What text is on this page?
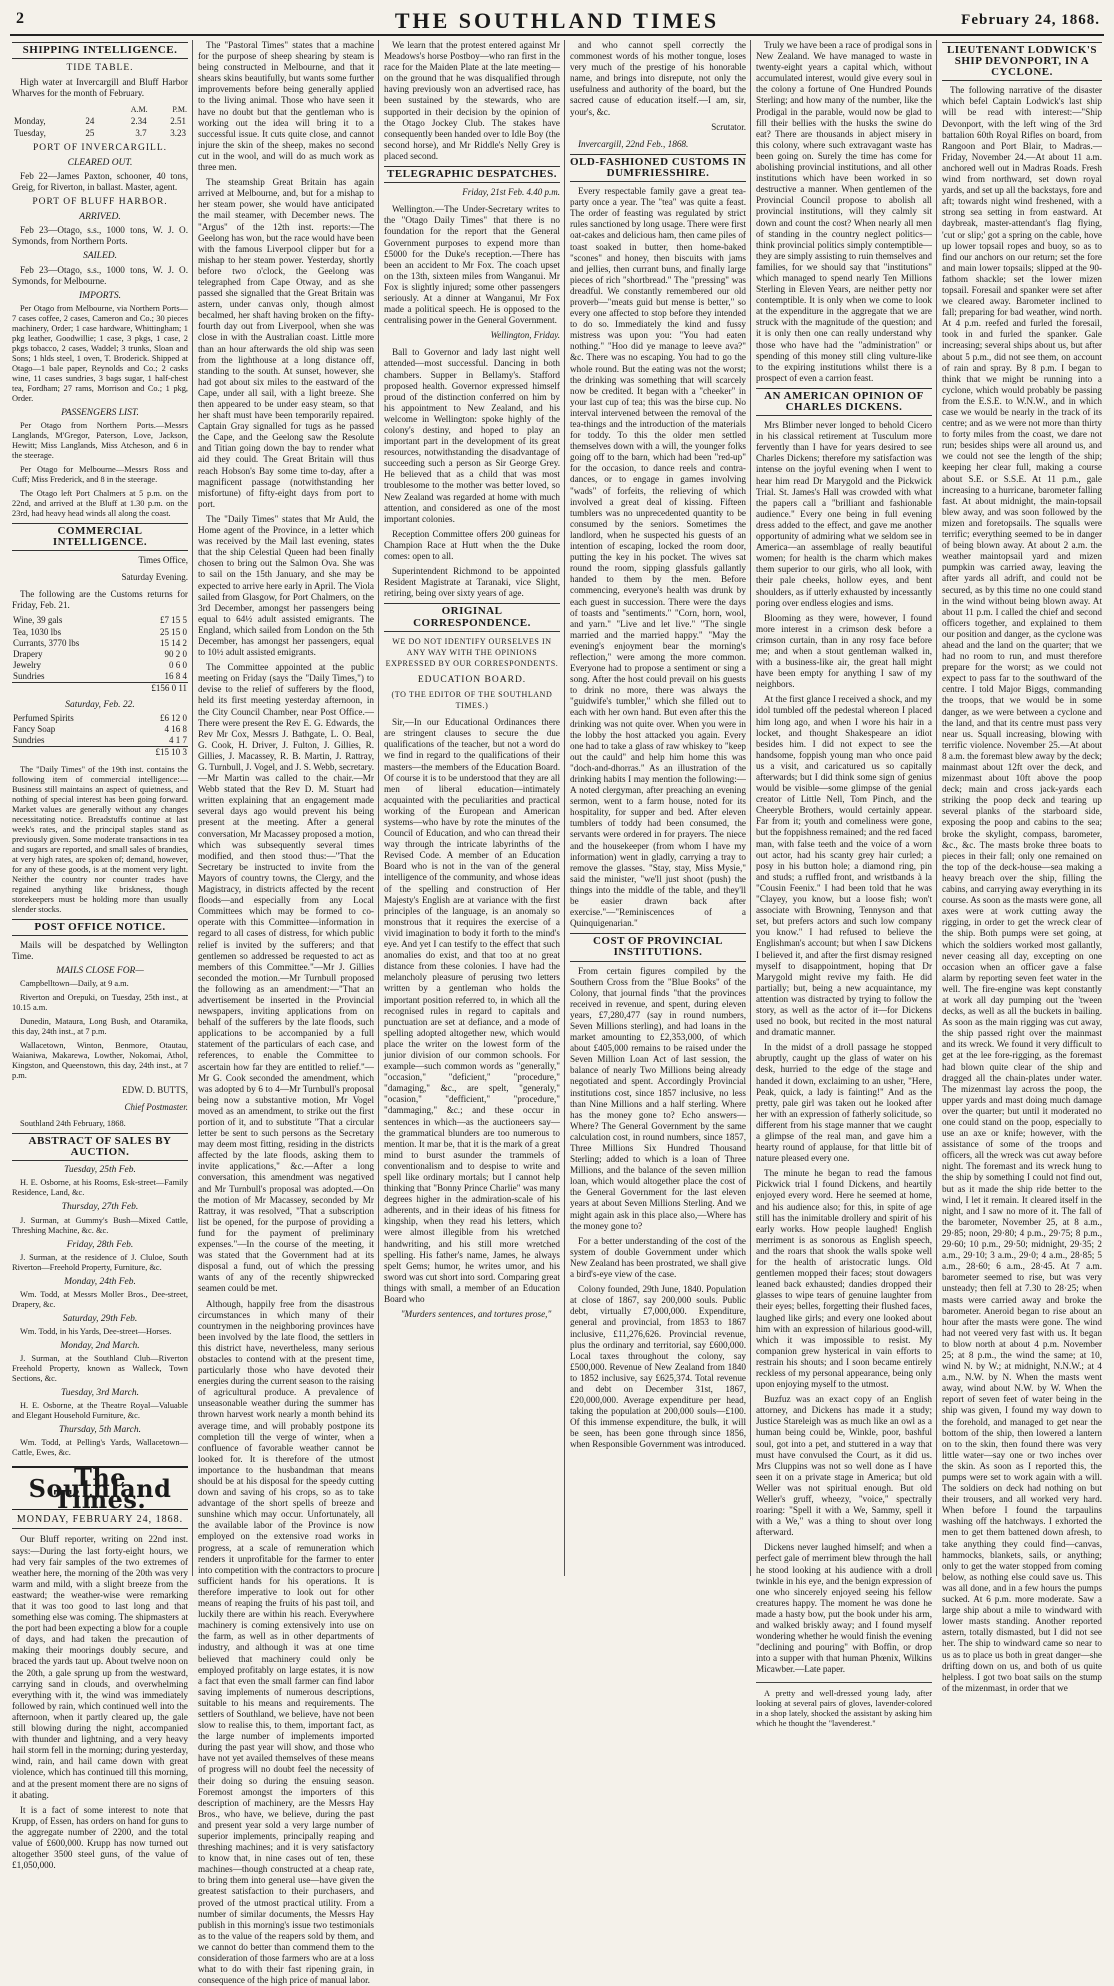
2	THE SOUTHLAND TIMES	February 24, 1868.
SHIPPING INTELLIGENCE.
TIDE TABLE.

High water at Invercargill and Bluff Harbor Wharves for the month of February.

		A.M.	P.M.
Monday,	24	2.34	2.51
Tuesday,	25	3.7	3.23
PORT OF INVERCARGILL.
CLEARED OUT.

Feb 22—James Paxton, schooner, 40 tons, Greig, for Riverton, in ballast. Master, agent.

PORT OF BLUFF HARBOR.
ARRIVED.

Feb 23—Otago, s.s., 1000 tons, W. J. O. Symonds, from Northern Ports.

SAILED.

Feb 23—Otago, s.s., 1000 tons, W. J. O. Symonds, for Melbourne.

IMPORTS.

Per Otago from Melbourne, via Northern Ports—7 cases coffee, 2 cases, Cameron and Co.; 30 pieces machinery, Order; 1 case hardware, Whittingham; 1 pkg leather, Goodwillie; 1 case, 3 pkgs, 1 case, 2 pkgs tobacco, 2 cases, Waddel; 3 trunks, Sloan and Sons; 1 hlds steel, 1 oven, T. Broderick. Shipped at Otago—1 bale paper, Reynolds and Co.; 2 casks wine, 11 cases sundries, 3 bags sugar, 1 half-chest tea, Fordham; 27 rams, Morrison and Co.; 1 pkg, Order.

PASSENGERS LIST.

Per Otago from Northern Ports.—Messrs Langlands, M'Gregor, Paterson, Love, Jackson, Hewitt; Miss Langlands, Miss Atcheson, and 6 in the steerage.

Per Otago for Melbourne—Messrs Ross and Cuff; Miss Frederick, and 8 in the steerage.

The Otago left Port Chalmers at 5 p.m. on the 22nd, and arrived at the Bluff at 1.30 p.m. on the 23rd, had heavy head winds all along the coast.

COMMERCIAL INTELLIGENCE.
Times Office,
Saturday Evening.

The following are the Customs returns for Friday, Feb. 21.

Wine, 39 gals	£7 15 5
Tea, 1030 lbs	25 15 0
Currants, 3770 lbs	15 14 2
Drapery	90 2 0
Jewelry	0 6 0
Sundries	16 8 4
	£156 0 11
Saturday, Feb. 22.
Perfumed Spirits	£6 12 0
Fancy Soap	4 16 8
Sundries	4 1 7
	£15 10 3

The "Daily Times" of the 19th inst. contains the following item of commercial intelligence:—Business still maintains an aspect of quietness, and nothing of special interest has been going forward. Market values are generally without any changes necessitating notice. Breadstuffs continue at last week's rates, and the principal staples stand as previously given. Some moderate transactions in tea and sugars are reported, and small sales of brandies, at very high rates, are spoken of; demand, however, for any of these goods, is at the moment very light. Neither the country nor counter trades have regained anything like briskness, though storekeepers must be holding more than usually slender stocks.

POST OFFICE NOTICE.

Mails will be despatched by Wellington Time.

MAILS CLOSE FOR—

Campbelltown—Daily, at 9 a.m.

Riverton and Orepuki, on Tuesday, 25th inst., at 10.15 a.m.

Dunedin, Mataura, Long Bush, and Otaramika, this day, 24th inst., at 7 p.m.

Wallacetown, Winton, Benmore, Otautau, Waianiwa, Makarewa, Lowther, Nokomai, Athol, Kingston, and Queenstown, this day, 24th inst., at 7 p.m.

EDW. D. BUTTS,
Chief Postmaster.

Southland 24th February, 1868.

ABSTRACT OF SALES BY AUCTION.
Tuesday, 25th Feb.

H. E. Osborne, at his Rooms, Esk-street—Family Residence, Land, &c.

Thursday, 27th Feb.

J. Surman, at Gummy's Bush—Mixed Cattle, Threshing Machine, &c. &c.

Friday, 28th Feb.

J. Surman, at the residence of J. Cluloe, South Riverton—Freehold Property, Furniture, &c.

Monday, 24th Feb.

Wm. Todd, at Messrs Moller Bros., Dee-street, Drapery, &c.

Saturday, 29th Feb.

Wm. Todd, in his Yards, Dee-street—Horses.

Monday, 2nd March.

J. Surman, at the Southland Club—Riverton Freehold Property, known as Walleck, Town Sections, &c.

Tuesday, 3rd March.

H. E. Osborne, at the Theatre Royal—Valuable and Elegant Household Furniture, &c.

Thursday, 5th March.

Wm. Todd, at Pelling's Yards, Wallacetown—Cattle, Ewes, &c.

The Southland Times.
MONDAY, FEBRUARY 24, 1868.

Our Bluff reporter, writing on 22nd inst. says:—During the last forty-eight hours, we had very fair samples of the two extremes of weather here, the morning of the 20th was very warm and mild, with a slight breeze from the eastward; the weather-wise were remarking that it was too good to last long and that something else was coming. The shipmasters at the port had been expecting a blow for a couple of days, and had taken the precaution of making their moorings doubly secure, and braced the yards taut up. About twelve noon on the 20th, a gale sprung up from the westward, carrying sand in clouds, and overwhelming everything with it, the wind was immediately followed by rain, which continued well into the afternoon, when it partly cleared up, the gale still blowing during the night, accompanied with thunder and lightning, and a very heavy hail storm fell in the morning; during yesterday, wind, rain, and hail came down with great violence, which has continued till this morning, and at the present moment there are no signs of it abating.

It is a fact of some interest to note that Krupp, of Essen, has orders on hand for guns to the aggregate number of 2200, and the total value of £600,000. Krupp has now turned out altogether 3500 steel guns, of the value of £1,050,000.

The "Pastoral Times" states that a machine for the purpose of sheep shearing by steam is being constructed in Melbourne, and that it shears skins beautifully, but wants some further improvements before being generally applied to the living animal. Those who have seen it have no doubt but that the gentleman who is working out the idea will bring it to a successful issue. It cuts quite close, and cannot injure the skin of the sheep, makes no second cut in the wool, and will do as much work as three men.

The steamship Great Britain has again arrived at Melbourne, and, but for a mishap to her steam power, she would have anticipated the mail steamer, with December news. The "Argus" of the 12th inst. reports:—The Geelong has won, but the race would have been with the famous Liverpool clipper but for a mishap to her steam power. Yesterday, shortly before two o'clock, the Geelong was telegraphed from Cape Otway, and as she passed she signalled that the Great Britain was astern, under canvas only, though almost becalmed, her shaft having broken on the fifty-fourth day out from Liverpool, when she was close in with the Australian coast. Little more than an hour afterwards the old ship was seen from the lighthouse at a long distance off, standing to the south. At sunset, however, she had got about six miles to the eastward of the Cape, under all sail, with a light breeze. She then appeared to be under easy steam, so that her shaft must have been temporarily repaired. Captain Gray signalled for tugs as he passed the Cape, and the Geelong saw the Resolute and Titian going down the bay to render what aid they could. The Great Britain will thus reach Hobson's Bay some time to-day, after a magnificent passage (notwithstanding her misfortune) of fifty-eight days from port to port.

The "Daily Times" states that Mr Auld, the Home agent of the Province, in a letter which was received by the Mail last evening, states that the ship Celestial Queen had been finally chosen to bring out the Salmon Ova. She was to sail on the 15th January, and she may be expected to arrive here early in April. The Viola sailed from Glasgow, for Port Chalmers, on the 3rd December, amongst her passengers being equal to 64½ adult assisted emigrants. The England, which sailed from London on the 5th December, has amongst her passengers, equal to 10½ adult assisted emigrants.

The Committee appointed at the public meeting on Friday (says the "Daily Times,") to devise to the relief of sufferers by the flood, held its first meeting yesterday afternoon, in the City Council Chamber, near Post Office.—There were present the Rev E. G. Edwards, the Rev Mr Cox, Messrs J. Bathgate, L. O. Beal, G. Cook, H. Driver, J. Fulton, J. Gillies, R. Gillies, J. Macassey, R. B. Martin, J. Rattray, G. Turnbull, J. Vogel, and J. S. Webb, secretary.—Mr Martin was called to the chair.—Mr Webb stated that the Rev D. M. Stuart had written explaining that an engagement made several days ago would prevent his being present at the meeting. After a general conversation, Mr Macassey proposed a motion, which was subsequently several times modified, and then stood thus:—"That the Secretary be instructed to invite from the Mayors of country towns, the Clergy, and the Magistracy, in districts affected by the recent floods—and especially from any Local Committees which may be formed to co-operate with this Committee—information in regard to all cases of distress, for which public relief is invited by the sufferers; and that gentlemen so addressed be requested to act as members of this Committee."—Mr J. Gillies seconded the motion.—Mr Turnbull proposed the following as an amendment:—"That an advertisement be inserted in the Provincial newspapers, inviting applications from on behalf of the sufferers by the late floods, such applications to be accompanied by a full statement of the particulars of each case, and references, to enable the Committee to ascertain how far they are entitled to relief."—Mr G. Cook seconded the amendment, which was adopted by 6 to 4—Mr Turnbull's proposal being now a substantive motion, Mr Vogel moved as an amendment, to strike out the first portion of it, and to substitute "That a circular letter be sent to such persons as the Secretary may deem most fitting, residing in the districts affected by the late floods, asking them to invite applications," &c.—After a long conversation, this amendment was negatived and Mr Turnbull's proposal was adopted.—On the motion of Mr Macassey, seconded by Mr Rattray, it was resolved, "That a subscription list be opened, for the purpose of providing a fund for the payment of preliminary expenses."—In the course of the meeting, it was stated that the Government had at its disposal a fund, out of which the pressing wants of any of the recently shipwrecked seamen could be met.

Although, happily free from the disastrous circumstances in which many of their countrymen in the neighboring provinces have been involved by the late flood, the settlers in this district have, nevertheless, many serious obstacles to contend with at the present time, particularly those who have devoted their energies during the current season to the raising of agricultural produce. A prevalence of unseasonable weather during the summer has thrown harvest work nearly a month behind its average time, and will probably postpone its completion till the verge of winter, when a confluence of favorable weather cannot be looked for. It is therefore of the utmost importance to the husbandman that means should be at his disposal for the speedy cutting down and saving of his crops, so as to take advantage of the short spells of breeze and sunshine which may occur. Unfortunately, all the available labor of the Province is now employed on the extensive road works in progress, at a scale of remuneration which renders it unprofitable for the farmer to enter into competition with the contractors to procure sufficient hands for his operations. It is therefore imperative to look out for other means of reaping the fruits of his past toil, and luckily there are within his reach. Everywhere machinery is coming extensively into use on the farm, as well as in other departments of industry, and although it was at one time believed that machinery could only be employed profitably on large estates, it is now a fact that even the small farmer can find labor saving implements of numerous descriptions, suitable to his means and requirements. The settlers of Southland, we believe, have not been slow to realise this, to them, important fact, as the large number of implements imported during the past year will show, and those who have not yet availed themselves of these means of progress will no doubt feel the necessity of their doing so during the ensuing season. Foremost amongst the importers of this description of machinery, are the Messrs Hay Bros., who have, we believe, during the past and present year sold a very large number of superior implements, principally reaping and threshing machines; and it is very satisfactory to know that, in nine cases out of ten, these machines—though constructed at a cheap rate, to bring them into general use—have given the greatest satisfaction to their purchasers, and proved of the utmost practical utility. From a number of similar documents, the Messrs Hay publish in this morning's issue two testimonials as to the value of the reapers sold by them, and we cannot do better than commend them to the consideration of those farmers who are at a loss what to do with their fast ripening grain, in consequence of the high price of manual labor.

We learn that the protest entered against Mr Meadows's horse Postboy—who ran first in the race for the Maiden Plate at the late meeting—on the ground that he was disqualified through having previously won an advertised race, has been sustained by the stewards, who are supported in their decision by the opinion of the Otago Jockey Club. The stakes have consequently been handed over to Idle Boy (the second horse), and Mr Riddle's Nelly Grey is placed second.

TELEGRAPHIC DESPATCHES.
Friday, 21st Feb. 4.40 p.m.

Wellington.—The Under-Secretary writes to the "Otago Daily Times" that there is no foundation for the report that the General Government purposes to expend more than £5000 for the Duke's reception.—There has been an accident to Mr Fox. The coach upset on the 13th, sixteen miles from Wanganui. Mr Fox is slightly injured; some other passengers seriously. At a dinner at Wanganui, Mr Fox made a political speech. He is opposed to the centralising power in the General Government.

Wellington, Friday.

Ball to Governor and lady last night well attended—most successful. Dancing in both chambers. Supper in Bellamy's. Stafford proposed health. Governor expressed himself proud of the distinction conferred on him by his appointment to New Zealand, and his welcome in Wellington: spoke highly of the colony's destiny, and hoped to play an important part in the development of its great resources, notwithstanding the disadvantage of succeeding such a person as Sir George Grey. He believed that as a child that was most troublesome to the mother was better loved, so New Zealand was regarded at home with much attention, and considered as one of the most important colonies.

Reception Committee offers 200 guineas for Champion Race at Hutt when the the Duke comes: open to all.

Superintendent Richmond to be appointed Resident Magistrate at Taranaki, vice Slight, retiring, being over sixty years of age.

ORIGINAL CORRESPONDENCE.
WE DO NOT IDENTIFY OURSELVES IN ANY WAY WITH THE OPINIONS EXPRESSED BY OUR CORRESPONDENTS.
EDUCATION BOARD.
(TO THE EDITOR OF THE SOUTHLAND TIMES.)

Sir,—In our Educational Ordinances there are stringent clauses to secure the due qualifications of the teacher, but not a word do we find in regard to the qualifications of their masters—the members of the Education Board. Of course it is to be understood that they are all men of liberal education—intimately acquainted with the peculiarities and practical working of the European and American systems—who have by rote the minutes of the Council of Education, and who can thread their way through the intricate labyrinths of the Revised Code. A member of an Education Board who is not in the van of the general intelligence of the community, and whose ideas of the spelling and construction of Her Majesty's English are at variance with the first principles of the language, is an anomaly so monstrous that it requires the exercise of a vivid imagination to body it forth to the mind's eye. And yet I can testify to the effect that such anomalies do exist, and that too at no great distance from these colonies. I have had the melancholy pleasure of perusing two letters written by a gentleman who holds the important position referred to, in which all the recognised rules in regard to capitals and punctuation are set at defiance, and a mode of spelling adopted altogether new, which would place the writer on the lowest form of the junior division of our common schools. For example—such common words as "generally," "occasion," "deficient," "procedure," "damaging," &c., are spelt, "generaly," "ocasion," "defficient," "procedure," "dammaging," &c.; and these occur in sentences in which—as the auctioneers say—the grammatical blunders are too numerous to mention. It mar be, that it is the mark of a great mind to burst asunder the trammels of conventionalism and to despise to write and spell like ordinary mortals; but I cannot help thinking that "Bonny Prince Charlie" was many degrees higher in the admiration-scale of his adherents, and in their ideas of his fitness for kingship, when they read his letters, which were almost illegible from his wretched handwriting, and his still more wretched spelling. His father's name, James, he always spelt Gems; humor, he writes umor, and his sword was cut short into sord. Comparing great things with small, a member of an Education Board who

"Murders sentences, and tortures prose,"

and who cannot spell correctly the commonest words of his mother tongue, loses very much of the prestige of his honorable name, and brings into disrepute, not only the usefulness and authority of the board, but the sacred cause of education itself.—I am, sir, your's, &c.

Scrutator.

Invercargill, 22nd Feb., 1868.

OLD-FASHIONED CUSTOMS IN DUMFRIESSHIRE.

Every respectable family gave a great tea-party once a year. The "tea" was quite a feast. The order of feasting was regulated by strict rules sanctioned by long usage. There were first oat-cakes and delicious ham, then came piles of toast soaked in butter, then home-baked "scones" and honey, then biscuits with jams and jellies, then currant buns, and finally large pieces of rich "shortbread." The "pressing" was dreadful. We constantly remembered our old proverb—"meats guid but mense is better," so every one affected to stop before they intended to do so. Immediately the kind and fussy mistress was upon you: "You had eaten nothing." "Hoo did ye manage to leeve ava?" &c. There was no escaping. You had to go the whole round. But the eating was not the worst; the drinking was something that will scarcely now be credited. It began with a "cheeker" in your last cup of tea; this was the birse cup. No interval intervened between the removal of the tea-things and the introduction of the materials for toddy. To this the older men settled themselves down with a will, the younger folks going off to the barn, which had been "red-up" for the occasion, to dance reels and contra-dances, or to engage in games involving "wads" of forfeits, the relieving of which involved a great deal of kissing. Fifteen tumblers was no unprecedented quantity to be consumed by the seniors. Sometimes the landlord, when he suspected his guests of an intention of escaping, locked the room door, putting the key in his pocket. The wives sat round the room, sipping glassfuls gallantly handed to them by the men. Before commencing, everyone's health was drunk by each guest in succession. There were the days of toasts and "sentiments." "Corn, horn, wool, and yarn." "Live and let live." "The single married and the married happy." "May the evening's enjoyment bear the morning's reflection," were among the more common. Everyone had to propose a sentiment or sing a song. After the host could prevail on his guests to drink no more, there was always the "guidwife's tumbler," which she filled out to each with her own hand. But even after this the drinking was not quite over. When you were in the lobby the host attacked you again. Every one had to take a glass of raw whiskey to "keep out the cauld" and help him home this was "doch-and-dhorras." As an illustration of the drinking habits I may mention the following:—A noted clergyman, after preaching an evening sermon, went to a farm house, noted for its hospitality, for supper and bed. After eleven tumblers of toddy had been consumed, the servants were ordered in for prayers. The niece and the housekeeper (from whom I have my information) went in gladly, carrying a tray to remove the glasses. "Stay, stay, Miss Mysie," said the minister, "we'll just shoot (push) the things into the middle of the table, and they'll be easier drawn back after exercise."—"Reminiscences of a Quinquigenarian."

COST OF PROVINCIAL INSTITUTIONS.

From certain figures compiled by the Southern Cross from the "Blue Books" of the Colony, that journal finds "that the provinces received in revenue, and spent, during eleven years, £7,280,477 (say in round numbers, Seven Millions sterling), and had loans in the market amounting to £2,353,000, of which about £405,000 remains to be raised under the Seven Million Loan Act of last session, the balance of nearly Two Millions being already negotiated and spent. Accordingly Provincial institutions cost, since 1857 inclusive, no less than Nine Millions and a half sterling. Where has the money gone to? Echo answers—Where? The General Government by the same calculation cost, in round numbers, since 1857, Three Millions Six Hundred Thousand Sterling; added to which is a loan of Three Millions, and the balance of the seven million loan, which would altogether place the cost of the General Government for the last eleven years at about Seven Millions Sterling. And we might again ask in this place also,—Where has the money gone to?

For a better understanding of the cost of the system of double Government under which New Zealand has been prostrated, we shall give a bird's-eye view of the case.

Colony founded, 29th June, 1840. Population at close of 1867, say 200,000 souls. Public debt, virtually £7,000,000. Expenditure, general and provincial, from 1853 to 1867 inclusive, £11,276,626. Provincial revenue, plus the ordinary and territorial, say £600,000. Local taxes throughout the colony, say £500,000. Revenue of New Zealand from 1840 to 1852 inclusive, say £625,374. Total revenue and debt on December 31st, 1867, £20,000,000. Average expenditure per head, taking the population at 200,000 souls—£100. Of this immense expenditure, the bulk, it will be seen, has been gone through since 1856, when Responsible Government was introduced.

Truly we have been a race of prodigal sons in New Zealand. We have managed to waste in twenty-eight years a capital which, without accumulated interest, would give every soul in the colony a fortune of One Hundred Pounds Sterling; and how many of the number, like the Prodigal in the parable, would now be glad to fill their bellies with the husks the swine do eat? There are thousands in abject misery in this colony, where such extravagant waste has been going on. Surely the time has come for abolishing provincial institutions, and all other institutions which have been worked in so destructive a manner. When gentlemen of the Provincial Council propose to abolish all provincial institutions, will they calmly sit down and count the cost? When nearly all men of standing in the country neglect politics—think provincial politics simply contemptible—they are simply assisting to ruin themselves and families, for we should say that "institutions" which managed to spend nearly Ten Millions Sterling in Eleven Years, are neither petty nor contemptible. It is only when we come to look at the expenditure in the aggregate that we are struck with the magnitude of the question; and it is only then one can really understand why those who have had the "administration" or spending of this money still cling vulture-like to the expiring institutions whilst there is a prospect of even a carrion feast.

AN AMERICAN OPINION OF CHARLES DICKENS.

Mrs Blimber never longed to behold Cicero in his classical retirement at Tusculum more fervently than I have for years desired to see Charles Dickens; therefore my satisfaction was intense on the joyful evening when I went to hear him read Dr Marygold and the Pickwick Trial. St. James's Hall was crowded with what the papers call a "brilliant and fashionable audience." Every one being in full evening dress added to the effect, and gave me another opportunity of admiring what we seldom see in America—an assemblage of really beautiful women; for health is the charm which makes them superior to our girls, who all look, with their pale cheeks, hollow eyes, and bent shoulders, as if utterly exhausted by incessantly poring over endless elogies and isms.

Blooming as they were, however, I found more interest in a crimson desk before a crimson curtain, than in any rosy face before me; and when a stout gentleman walked in, with a business-like air, the great hall might have been empty for anything I saw of my neighbors.

At the first glance I received a shock, and my idol tumbled off the pedestal whereon I placed him long ago, and when I wore his hair in a locket, and thought Shakespeare an idiot besides him. I did not expect to see the handsome, foppish young man who once paid us a visit, and caricatured us so capitally afterwards; but I did think some sign of genius would be visible—some glimpse of the genial creator of Little Nell, Tom Pinch, and the Cheeryble Brothers, would certainly appear. Far from it; youth and comeliness were gone, but the foppishness remained; and the red faced man, with false teeth and the voice of a worn out actor, had his scanty grey hair curled; a posy in his button hole; a diamond ring, pin and studs; a ruffled front, and wristbands à la "Cousin Feenix." I had been told that he was "Clayey, you know, but a loose fish; won't associate with Browning, Tennyson and that set, but prefers actors and such low company you know." I had refused to believe the Englishman's account; but when I saw Dickens I believed it, and after the first dismay resigned myself to disappointment, hoping that Dr Marygold might revive my faith. He did partially; but, being a new acquaintance, my attention was distracted by trying to follow the story, as well as the actor of it—for Dickens used no book, but recited in the most natural and dramatic manner.

In the midst of a droll passage he stopped abruptly, caught up the glass of water on his desk, hurried to the edge of the stage and handed it down, exclaiming to an usher, "Here, Peak, quick, a lady is fainting!" And as the pretty, pale girl was taken out he looked after her with an expression of fatherly solicitude, so different from his stage manner that we caught a glimpse of the real man, and gave him a hearty round of applause, for that little bit of nature pleased every one.

The minute he began to read the famous Pickwick trial I found Dickens, and heartily enjoyed every word. Here he seemed at home, and his audience also; for this, in spite of age still has the inimitable drollery and spirit of his early works. How people laughed! English merriment is as sonorous as English speech, and the roars that shook the walls spoke well for the health of aristocratic lungs. Old gentlemen mopped their faces; stout dowagers leaned back exhausted; dandies dropped their glasses to wipe tears of genuine laughter from their eyes; belles, forgetting their flushed faces, laughed like girls; and every one looked about him with an expression of hilarious good-will, which it was impossible to resist. My companion grew hysterical in vain efforts to restrain his shouts; and I soon became entirely reckless of my personal appearance, being only upon enjoying myself to the utmost.

Buzfuz was an exact copy of an English attorney, and Dickens has made it a study; Justice Stareleigh was as much like an owl as a human being could be, Winkle, poor, bashful soul, got into a pet, and stuttered in a way that must have convulsed the Court, as it did us. Mrs Cluppins was not so well done as I have seen it on a private stage in America; but old Weller was not spiritual enough. But old Weller's gruff, wheezy, "voice," spectrally roaring: "Spell it with a We, Sammy, spell it with a We," was a thing to shout over long afterward.

Dickens never laughed himself; and when a perfect gale of merriment blew through the hall he stood looking at his audience with a droll twinkle in his eye, and the benign expression of one who sincerely enjoyed seeing his fellow creatures happy. The moment he was done he made a hasty bow, put the book under his arm, and walked briskly away; and I found myself wondering whether he would finish the evening "declining and pouring" with Boffin, or drop into a supper with that human Phœnix, Wilkins Micawber.—Late paper.

A pretty and well-dressed young lady, after looking at several pairs of gloves, lavender-colored in a shop lately, shocked the assistant by asking him which he thought the "lavenderest."

LIEUTENANT LODWICK'S SHIP DEVONPORT, IN A CYCLONE.

The following narrative of the disaster which befel Captain Lodwick's last ship will be read with interest:—"Ship Devonport, with the left wing of the 3rd battalion 60th Royal Rifles on board, from Rangoon and Port Blair, to Madras.—Friday, November 24.—At about 11 a.m. anchored well out in Madras Roads. Fresh wind from northward, set down royal yards, and set up all the backstays, fore and aft; towards night wind freshened, with a strong sea setting in from eastward. At daybreak, master-attendant's flag flying, 'cut or slip;' got a spring on the cable, hove up lower topsail ropes and buoy, so as to find our anchors on our return; set the fore and main lower topsails; slipped at the 90-fathom shackle; set the lower mizen topsail. Foresail and spanker were set after we cleared away. Barometer inclined to fall; preparing for bad weather, wind north. At 4 p.m. reefed and furled the foresail, took in and furled the spanker. Gale increasing; several ships about us, but after about 5 p.m., did not see them, on account of rain and spray. By 8 p.m. I began to think that we might be running into a cyclone, which would probably be passing from the E.S.E. to W.N.W., and in which case we would be nearly in the track of its centre; and as we were not more than thirty to forty miles from the coast, we dare not run; besides ships were all around us, and we could not see the length of the ship; keeping her clear full, making a course about S.E. or S.S.E. At 11 p.m., gale increasing to a hurricane, barometer falling fast. At about midnight, the main-topsail blew away, and was soon followed by the mizen and foretopsails. The squalls were terrific; everything seemed to be in danger of being blown away. At about 2 a.m. the weather maintopsail yard and mizen pumpkin was carried away, leaving the after yards all adrift, and could not be secured, as by this time no one could stand in the wind without being blown away. At about 11 p.m. I called the chief and second officers together, and explained to them our position and danger, as the cyclone was ahead and the land on the quarter; that we had no room to run, and must therefore prepare for the worst; as we could not expect to pass far to the southward of the centre. I told Major Biggs, commanding the troops, that we would be in some danger, as we were between a cyclone and the land, and that its centre must pass very near us. Squall increasing, blowing with terrific violence. November 25.—At about 8 a.m. the foremast blew away by the deck; mainmast about 12ft over the deck, and mizenmast about 10ft above the poop deck; main and cross jack-yards each striking the poop deck and tearing up several planks of the starboard side, exposing the poop and cabins to the sea; broke the skylight, compass, barometer, &c., &c. The masts broke three boats to pieces in their fall; only one remained on the top of the deck-house—sea making a heavy breach over the ship, filling the cabins, and carrying away everything in its course. As soon as the masts were gone, all axes were at work cutting away the rigging, in order to get the wreck clear of the ship. Both pumps were set going, at which the soldiers worked most gallantly, never ceasing all day, excepting on one occasion when an officer gave a false alarm by reporting seven feet water in the well. The fire-engine was kept constantly at work all day pumping out the 'tween decks, as well as all the buckets in bailing. As soon as the main rigging was cut away, the ship passed right over the mainmast and its wreck. We found it very difficult to get at the lee fore-rigging, as the foremast had blown quite clear of the ship and dragged all the chain-plates under water. The mizenmast lay across the poop, the upper yards and mast doing much damage over the quarter; but until it moderated no one could stand on the poop, especially to use an axe or knife; however, with the assistance of some of the troops and officers, all the wreck was cut away before night. The foremast and its wreck hung to the ship by something I could not find out, but as it made the ship ride better to the wind, I let it remain. It cleared itself in the night, and I saw no more of it. The fall of the barometer, November 25, at 8 a.m., 29·85; noon, 29·80; 4 p.m., 29·75; 8 p.m., 29·60; 10 p.m., 29·50; midnight, 29·35; 2 a.m., 29·10; 3 a.m., 29·0; 4 a.m., 28·85; 5 a.m., 28·60; 6 a.m., 28·45. At 7 a.m. barometer seemed to rise, but was very unsteady; then fell at 7.30 to 28·25; when masts were carried away and broke the barometer. Aneroid began to rise about an hour after the masts were gone. The wind had not veered very fast with us. It began to blow north at about 4 p.m. November 25; at 8 p.m., the wind the same; at 10, wind N. by W.; at midnight, N.N.W.; at 4 a.m., N.W. by N. When the masts went away, wind about N.W. by W. When the report of seven feet of water being in the ship was given, I found my way down to the forehold, and managed to get near the bottom of the ship, then lowered a lantern on to the skin, then found there was very little water—say one or two inches over the skin. As soon as I reported this, the pumps were set to work again with a will. The soldiers on deck had nothing on but their trousers, and all worked very hard. When before I found the tarpaulins washing off the hatchways. I exhorted the men to get them battened down afresh, to take anything they could find—canvas, hammocks, blankets, sails, or anything; only to get the water stopped from coming below, as nothing else could save us. This was all done, and in a few hours the pumps sucked. At 6 p.m. more moderate. Saw a large ship about a mile to windward with lower masts standing. Another reported astern, totally dismasted, but I did not see her. The ship to windward came so near to us as to place us both in great danger—she drifting down on us, and both of us quite helpless. I got two boat sails on the stump of the mizenmast, in order that we
